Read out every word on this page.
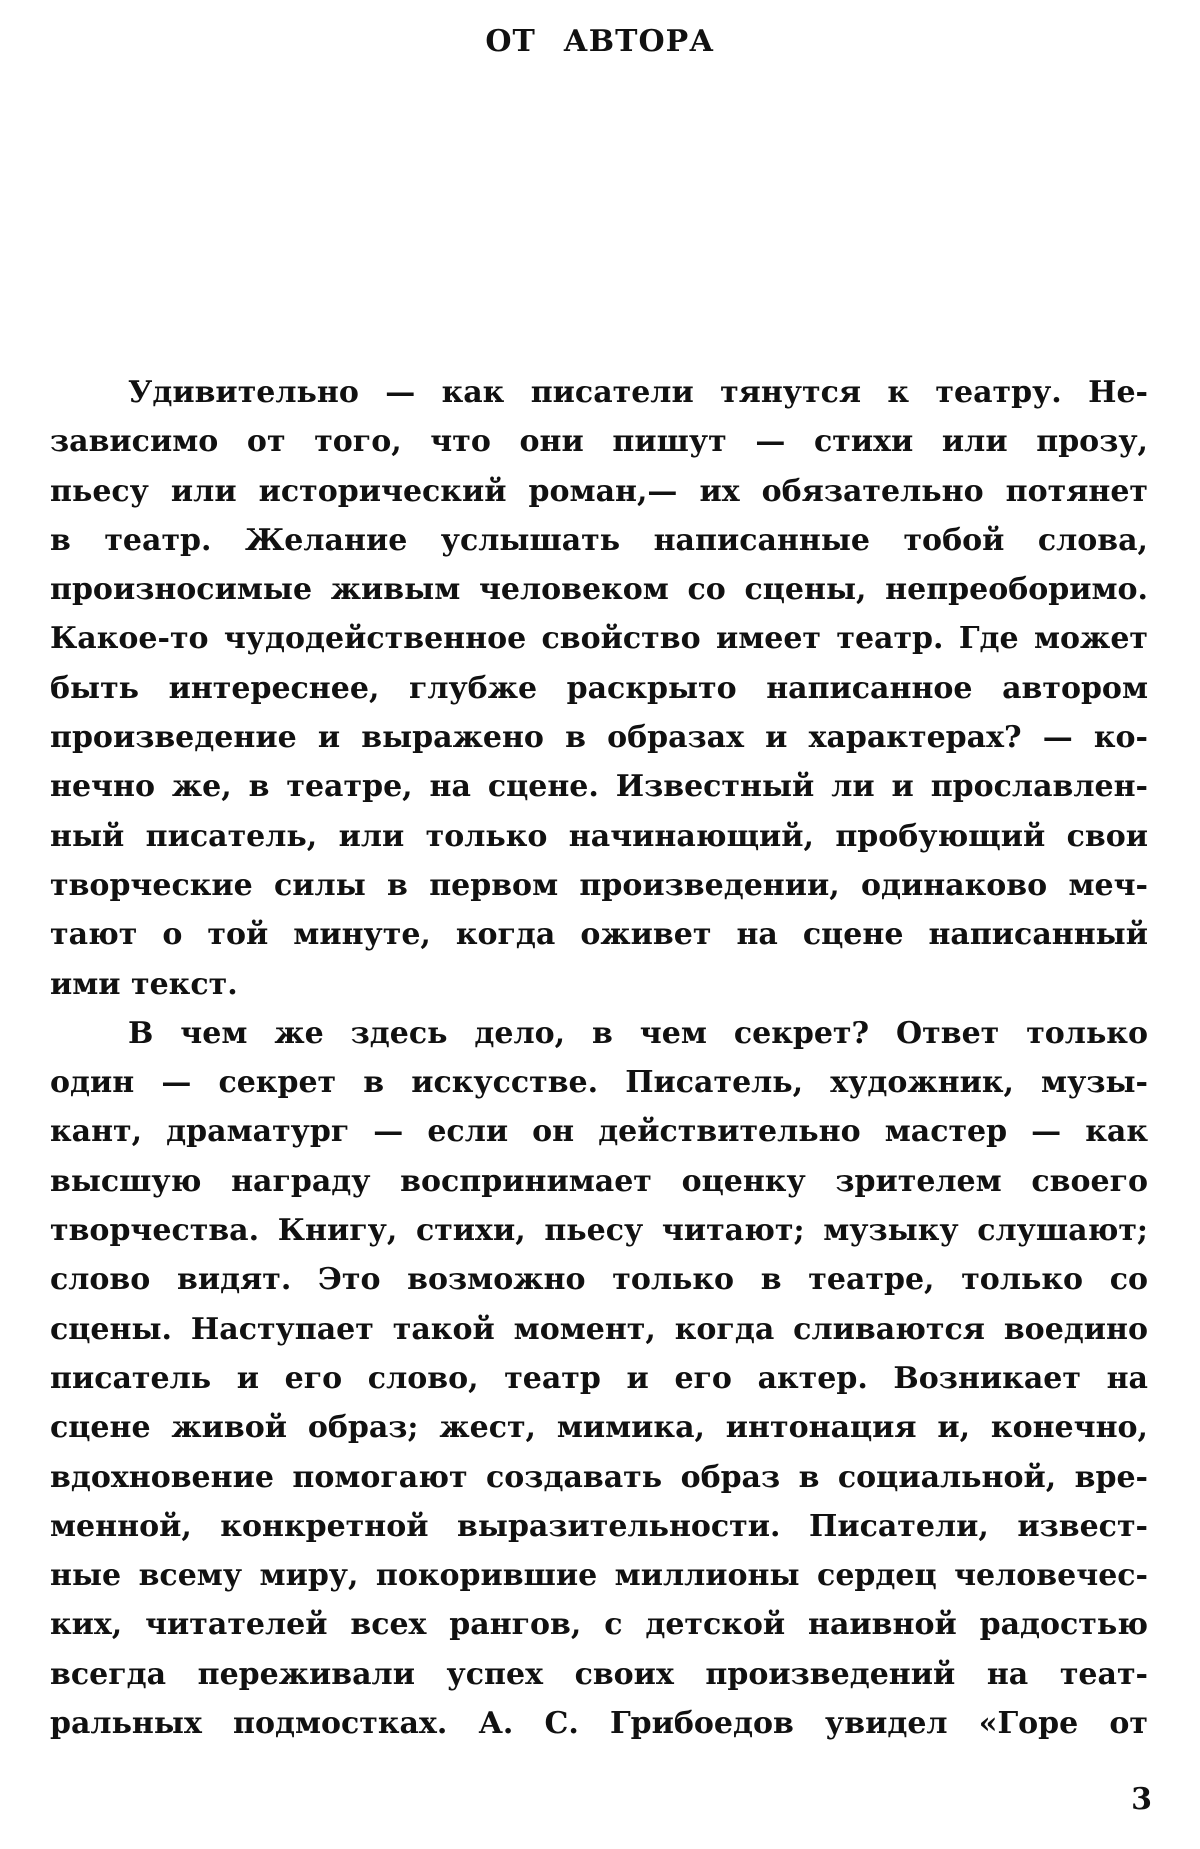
ОТ АВТОРА
Удивительно — как писатели тянутся к театру. Не-
зависимо от того, что они пишут — стихи или прозу,
пьесу или исторический роман,— их обязательно потянет
в театр. Желание услышать написанные тобой слова,
произносимые живым человеком со сцены, непреоборимо.
Какое-то чудодейственное свойство имеет театр. Где может
быть интереснее, глубже раскрыто написанное автором
произведение и выражено в образах и характерах? — ко-
нечно же, в театре, на сцене. Известный ли и прославлен-
ный писатель, или только начинающий, пробующий свои
творческие силы в первом произведении, одинаково меч-
тают о той минуте, когда оживет на сцене написанный
ими текст.
В чем же здесь дело, в чем секрет? Ответ только
один — секрет в искусстве. Писатель, художник, музы-
кант, драматург — если он действительно мастер — как
высшую награду воспринимает оценку зрителем своего
творчества. Книгу, стихи, пьесу читают; музыку слушают;
слово видят. Это возможно только в театре, только со
сцены. Наступает такой момент, когда сливаются воедино
писатель и его слово, театр и его актер. Возникает на
сцене живой образ; жест, мимика, интонация и, конечно,
вдохновение помогают создавать образ в социальной, вре-
менной, конкретной выразительности. Писатели, извест-
ные всему миру, покорившие миллионы сердец человечес-
ких, читателей всех рангов, с детской наивной радостью
всегда переживали успех своих произведений на теат-
ральных подмостках. А. С. Грибоедов увидел «Горе от
3
